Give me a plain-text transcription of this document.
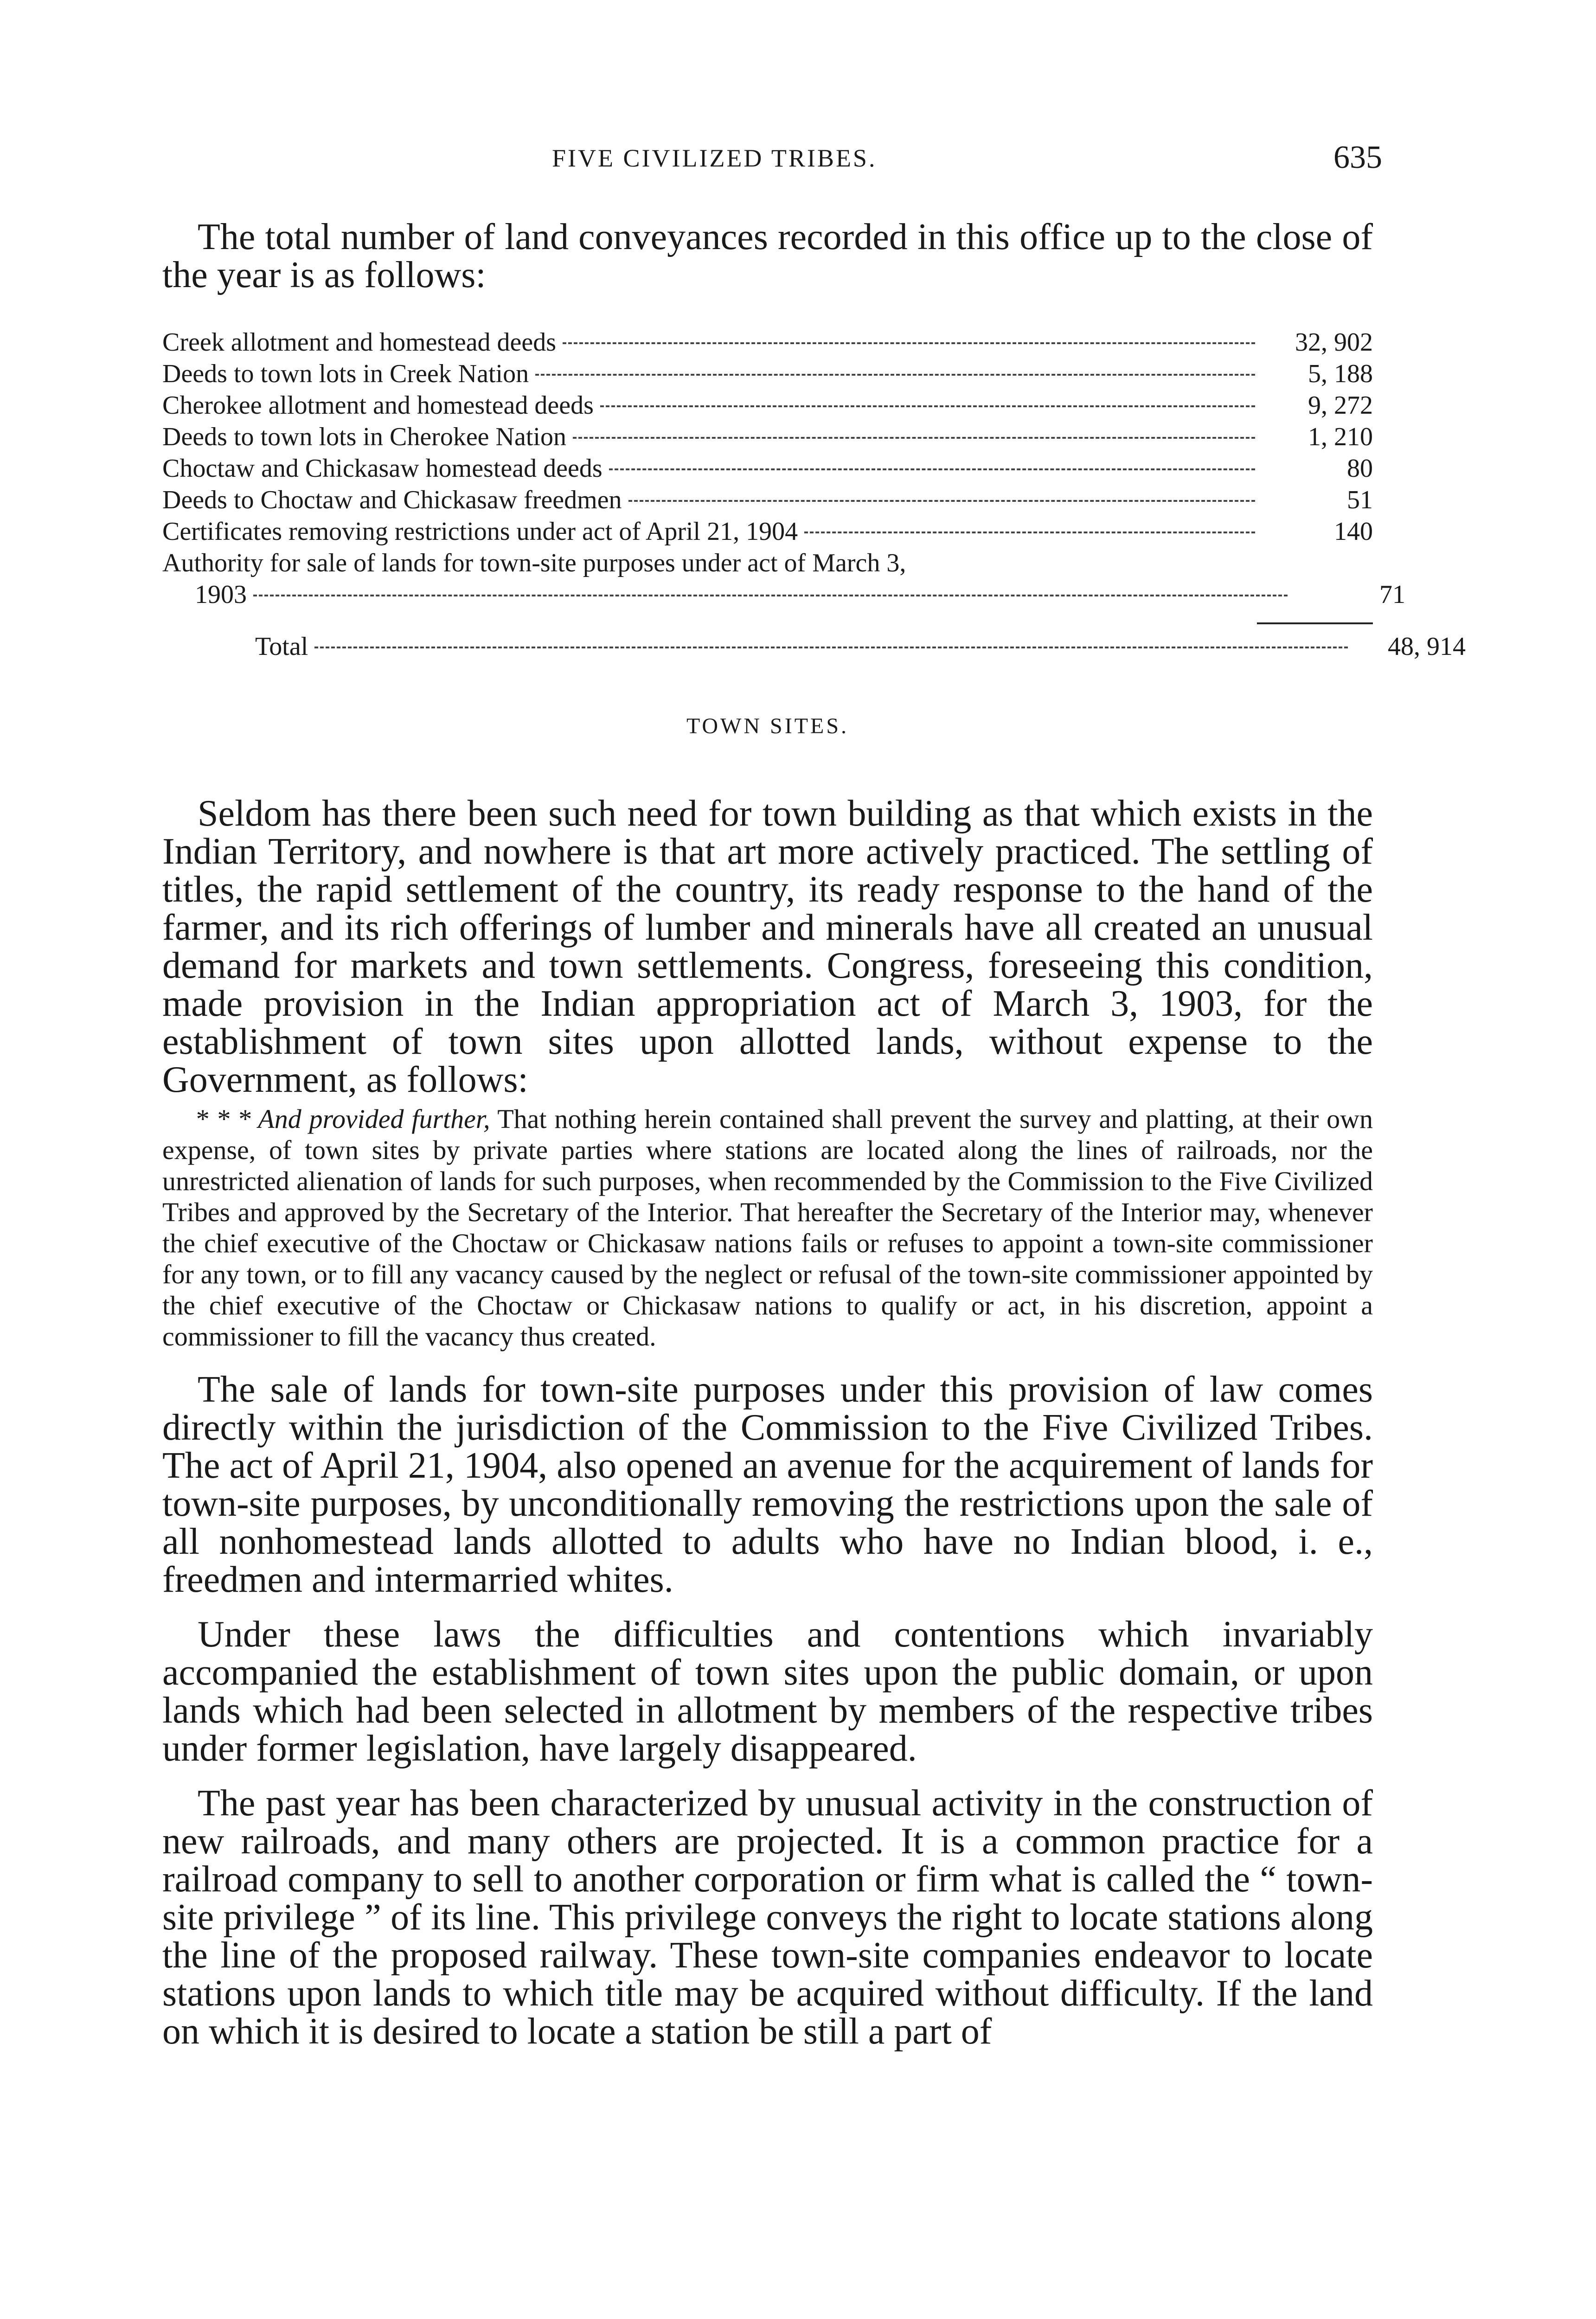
FIVE CIVILIZED TRIBES.	635

The total number of land conveyances recorded in this office up to the close of the year is as follows:

Creek allotment and homestead deeds	32, 902
Deeds to town lots in Creek Nation	5, 188
Cherokee allotment and homestead deeds	9, 272
Deeds to town lots in Cherokee Nation	1, 210
Choctaw and Chickasaw homestead deeds	80
Deeds to Choctaw and Chickasaw freedmen	51
Certificates removing restrictions under act of April 21, 1904	140
Authority for sale of lands for town-site purposes under act of March 3,
1903	71
Total	48, 914
TOWN SITES.

Seldom has there been such need for town building as that which exists in the Indian Territory, and nowhere is that art more actively practiced. The settling of titles, the rapid settlement of the country, its ready response to the hand of the farmer, and its rich offerings of lumber and minerals have all created an unusual demand for markets and town settlements. Congress, foreseeing this condition, made provision in the Indian appropriation act of March 3, 1903, for the establishment of town sites upon allotted lands, without expense to the Government, as follows:

* * * And provided further, That nothing herein contained shall prevent the survey and platting, at their own expense, of town sites by private parties where stations are located along the lines of railroads, nor the unrestricted alienation of lands for such purposes, when recommended by the Commission to the Five Civilized Tribes and approved by the Secretary of the Interior. That hereafter the Secretary of the Interior may, whenever the chief executive of the Choctaw or Chickasaw nations fails or refuses to appoint a town-site commissioner for any town, or to fill any vacancy caused by the neglect or refusal of the town-site commissioner appointed by the chief executive of the Choctaw or Chickasaw nations to qualify or act, in his discretion, appoint a commissioner to fill the vacancy thus created.

The sale of lands for town-site purposes under this provision of law comes directly within the jurisdiction of the Commission to the Five Civilized Tribes. The act of April 21, 1904, also opened an avenue for the acquirement of lands for town-site purposes, by unconditionally removing the restrictions upon the sale of all nonhomestead lands allotted to adults who have no Indian blood, i. e., freedmen and intermarried whites.

Under these laws the difficulties and contentions which invariably accompanied the establishment of town sites upon the public domain, or upon lands which had been selected in allotment by members of the respective tribes under former legislation, have largely disappeared.

The past year has been characterized by unusual activity in the construction of new railroads, and many others are projected. It is a common practice for a railroad company to sell to another corporation or firm what is called the “ town-site privilege ” of its line. This privilege conveys the right to locate stations along the line of the proposed railway. These town-site companies endeavor to locate stations upon lands to which title may be acquired without difficulty. If the land on which it is desired to locate a station be still a part of
